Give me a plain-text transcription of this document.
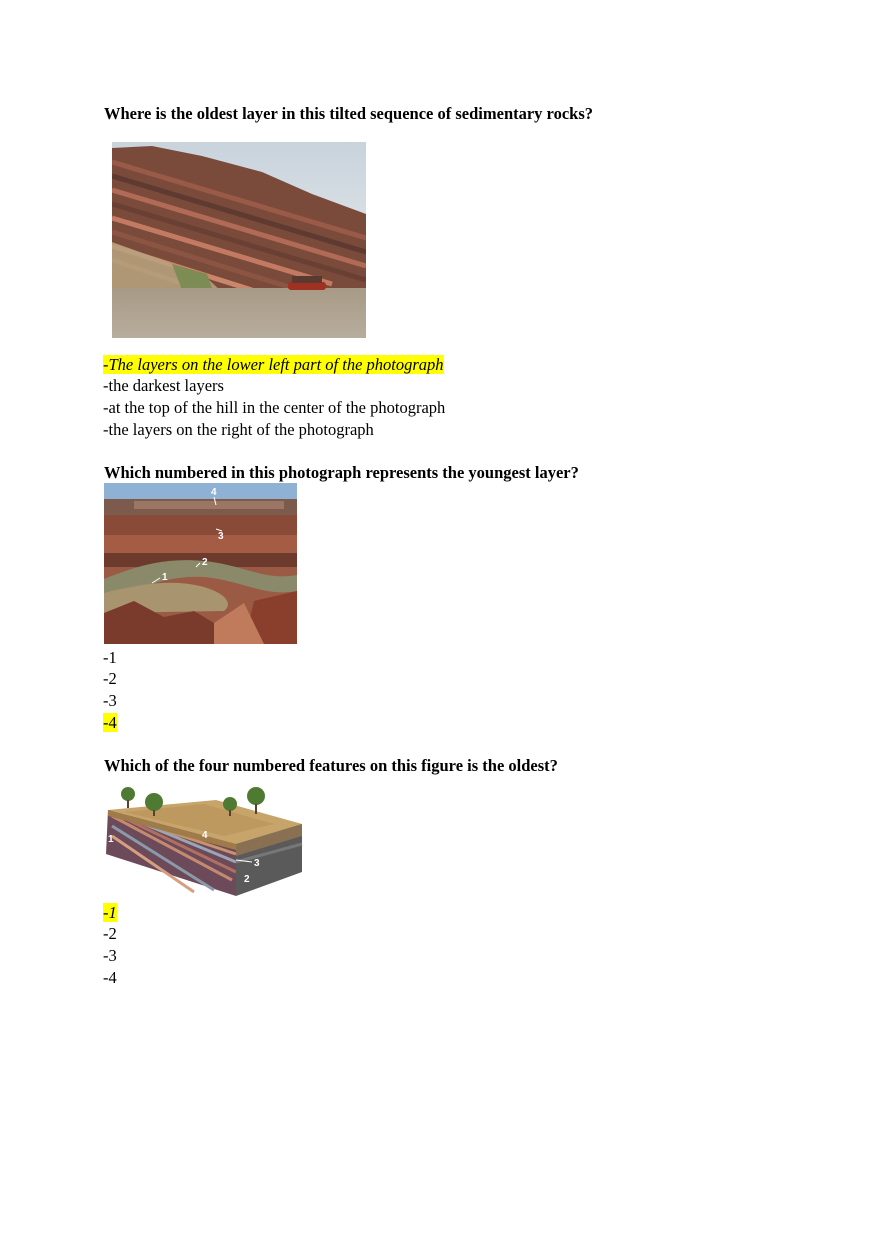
Where is the oldest layer in this tilted sequence of sedimentary rocks?
-The layers on the lower left part of the photograph
-the darkest layers
-at the top of the hill in the center of the photograph
-the layers on the right of the photograph
Which numbered in this photograph represents the youngest layer?
4
3
2
1
-1
-2
-3
-4
Which of the four numbered features on this figure is the oldest?
4
3
2
1
-1
-2
-3
-4
